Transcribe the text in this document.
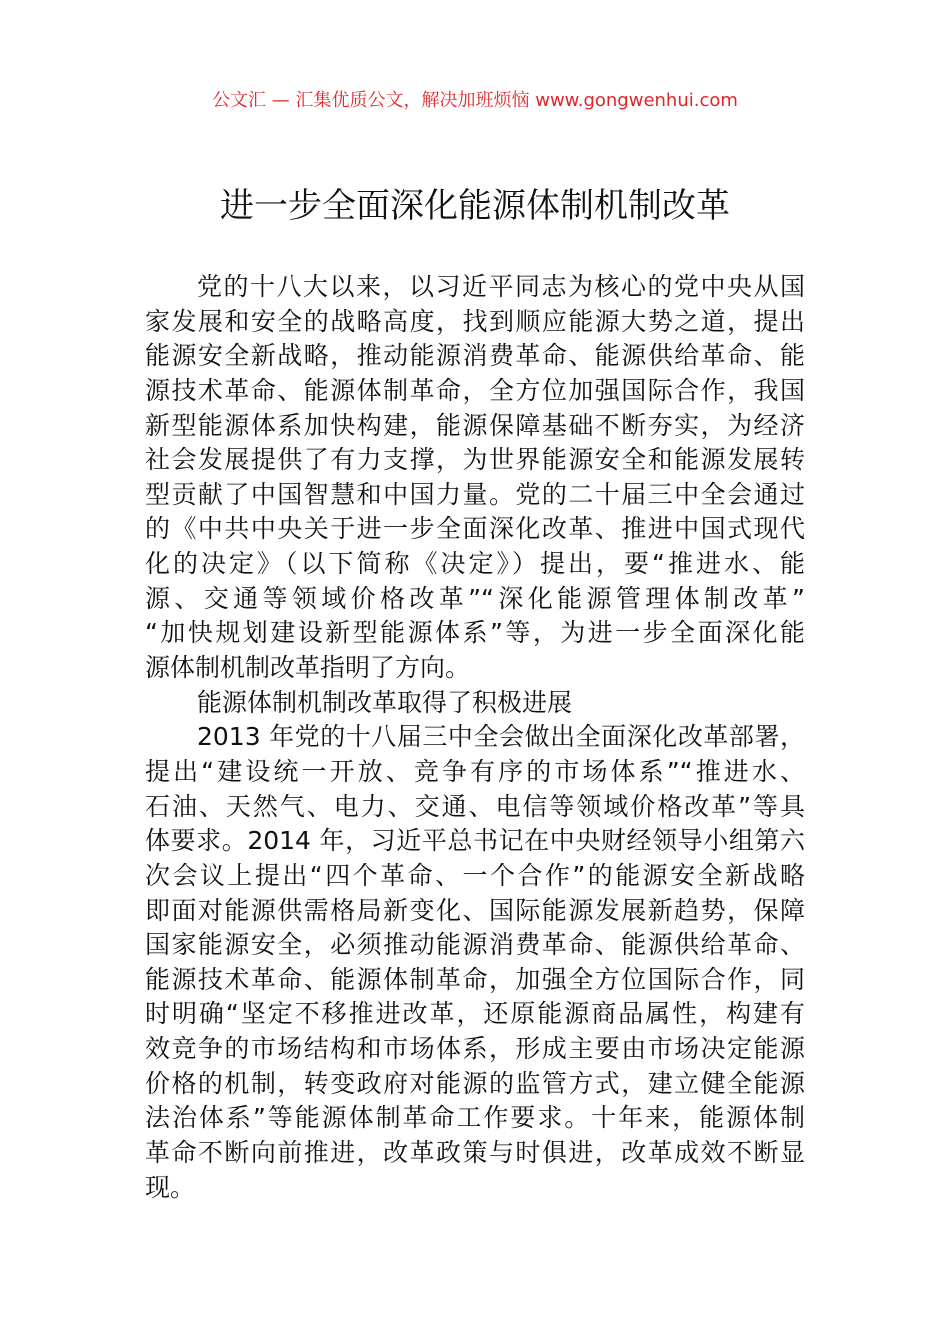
公文汇 — 汇集优质公文，解决加班烦恼 www.gongwenhui.com
进一步全面深化能源体制机制改革
党的十八大以来，以习近平同志为核心的党中央从国
家发展和安全的战略高度，找到顺应能源大势之道，提出
能源安全新战略，推动能源消费革命、能源供给革命、能
源技术革命、能源体制革命，全方位加强国际合作，我国
新型能源体系加快构建，能源保障基础不断夯实，为经济
社会发展提供了有力支撑，为世界能源安全和能源发展转
型贡献了中国智慧和中国力量。党的二十届三中全会通过
的《中共中央关于进一步全面深化改革、推进中国式现代
化的决定》（以下简称《决定》）提出，要“推进水、能
源、交通等领域价格改革”“深化能源管理体制改革”
“加快规划建设新型能源体系”等，为进一步全面深化能
源体制机制改革指明了方向。
能源体制机制改革取得了积极进展
2013 年党的十八届三中全会做出全面深化改革部署，
提出“建设统一开放、竞争有序的市场体系”“推进水、
石油、天然气、电力、交通、电信等领域价格改革”等具
体要求。2014 年，习近平总书记在中央财经领导小组第六
次会议上提出“四个革命、一个合作”的能源安全新战略
即面对能源供需格局新变化、国际能源发展新趋势，保障
国家能源安全，必须推动能源消费革命、能源供给革命、
能源技术革命、能源体制革命，加强全方位国际合作，同
时明确“坚定不移推进改革，还原能源商品属性，构建有
效竞争的市场结构和市场体系，形成主要由市场决定能源
价格的机制，转变政府对能源的监管方式，建立健全能源
法治体系”等能源体制革命工作要求。十年来，能源体制
革命不断向前推进，改革政策与时俱进，改革成效不断显
现。
